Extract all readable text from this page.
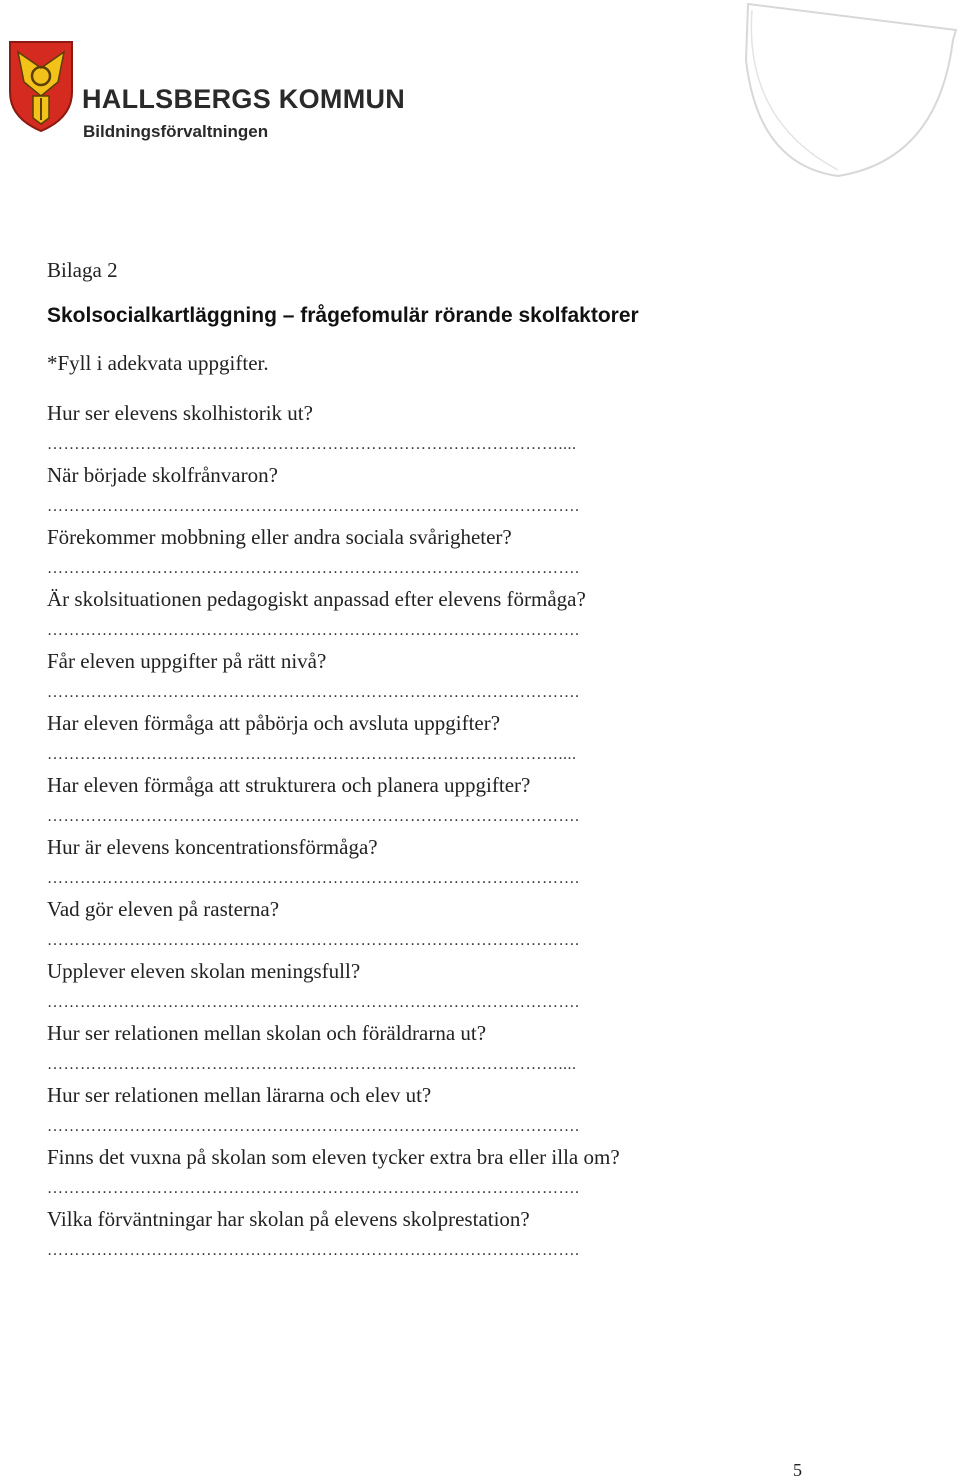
HALLSBERGS KOMMUN
Bildningsförvaltningen
Bilaga 2
Skolsocialkartläggning – frågefomulär rörande skolfaktorer
*Fyll i adekvata uppgifter.
Hur ser elevens skolhistorik ut?
…………………………………………………………………………………....
När började skolfrånvaron?
…………………………………………………………………………………….
Förekommer mobbning eller andra sociala svårigheter?
…………………………………………………………………………………….
Är skolsituationen pedagogiskt anpassad efter elevens förmåga?
…………………………………………………………………………………….
Får eleven uppgifter på rätt nivå?
…………………………………………………………………………………….
Har eleven förmåga att påbörja och avsluta uppgifter?
…………………………………………………………………………………....
Har eleven förmåga att strukturera och planera uppgifter?
…………………………………………………………………………………….
Hur är elevens koncentrationsförmåga?
…………………………………………………………………………………….
Vad gör eleven på rasterna?
…………………………………………………………………………………….
Upplever eleven skolan meningsfull?
…………………………………………………………………………………….
Hur ser relationen mellan skolan och föräldrarna ut?
…………………………………………………………………………………....
Hur ser relationen mellan lärarna och elev ut?
…………………………………………………………………………………….
Finns det vuxna på skolan som eleven tycker extra bra eller illa om?
…………………………………………………………………………………….
Vilka förväntningar har skolan på elevens skolprestation?
…………………………………………………………………………………….
5
